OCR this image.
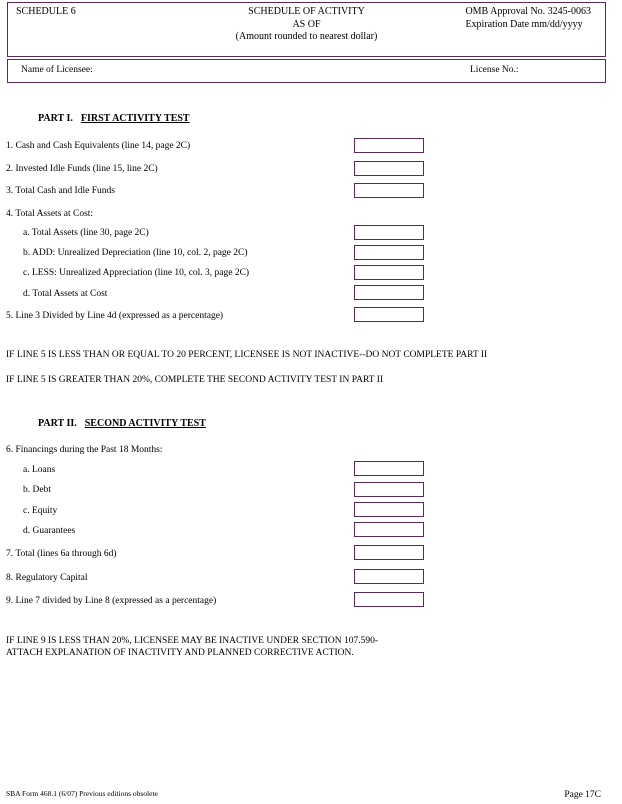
SCHEDULE 6	SCHEDULE OF ACTIVITY
AS OF
(Amount rounded to nearest dollar)
OMB Approval No. 3245-0063
Expiration Date mm/dd/yyyy
Name of Licensee:	License No.:
PART I. FIRST ACTIVITY TEST
1. Cash and Cash Equivalents (line 14, page 2C)
2. Invested Idle Funds (line 15, line 2C)
3. Total Cash and Idle Funds
4. Total Assets at Cost:
a. Total Assets (line 30, page 2C)
b. ADD: Unrealized Depreciation (line 10, col. 2, page 2C)
c. LESS: Unrealized Appreciation (line 10, col. 3, page 2C)
d. Total Assets at Cost
5. Line 3 Divided by Line 4d (expressed as a percentage)
IF LINE 5 IS LESS THAN OR EQUAL TO 20 PERCENT, LICENSEE IS NOT INACTIVE--DO NOT COMPLETE PART II
IF LINE 5 IS GREATER THAN 20%, COMPLETE THE SECOND ACTIVITY TEST IN PART II
PART II. SECOND ACTIVITY TEST
6. Financings during the Past 18 Months:
a. Loans
b. Debt
c. Equity
d. Guarantees
7. Total (lines 6a through 6d)
8. Regulatory Capital
9. Line 7 divided by Line 8 (expressed as a percentage)
IF LINE 9 IS LESS THAN 20%, LICENSEE MAY BE INACTIVE UNDER SECTION 107.590-
ATTACH EXPLANATION OF INACTIVITY AND PLANNED CORRECTIVE ACTION.
SBA Form 468.1 (6/07) Previous editions obsolete	Page 17C
